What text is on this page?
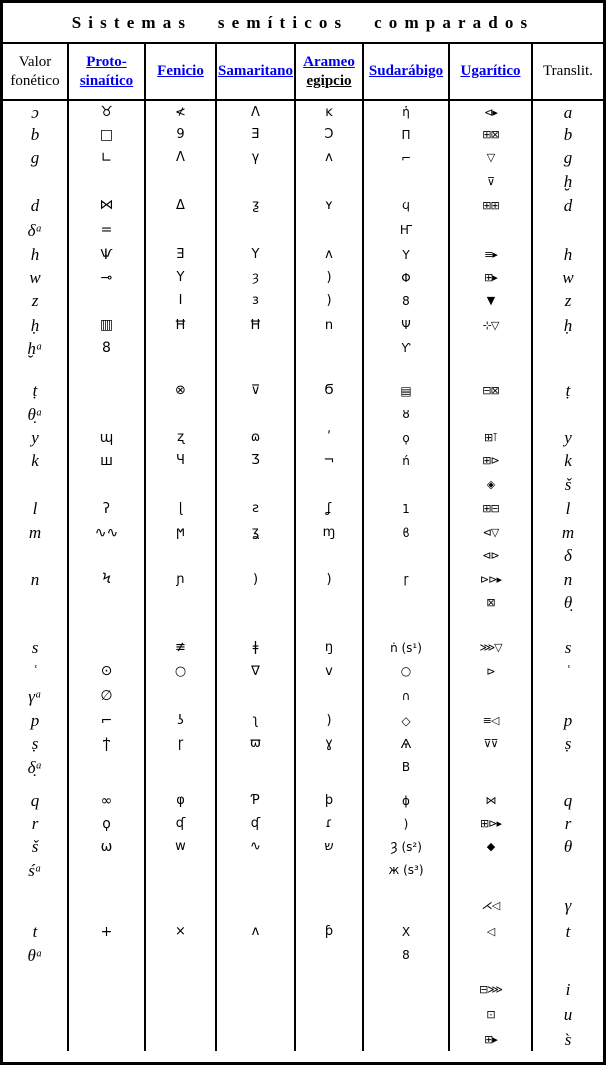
Sistemas semíticos comparados
Valor
fonético	Proto-
sinaítico	Fenicio	Samaritano	Arameo
egipcio	Sudarábigo	Ugarítico	Translit.

ɔ	♉	≮	Λ	ĸ	ἡ	⊲▸	a
b	□	9	Ǝ	Ɔ	Π	⊞⊠	b
g	∟	Λ	γ	ʌ	⌐	▽	g
						⊽	ḫ
d	⋈	Δ	ƺ	ʏ	ϥ	⊞⊞	d
δᵃ	=				Ҥ		
h	Ѱ	Ǝ	Υ	ʌ	Υ	≡▸	h
w	⊸	Y	ȝ	)	Φ	⊞▸	w
z		I	ɜ	)	8	▼	z
ḥ	▥	Ħ	Ħ	ո	Ψ	⊹▽	ḥ
ḫᵃ	8				Ƴ		

ṭ		⊗	⊽	Ϭ	▤	⊟⊠	ṭ
θ̣ᵃ					ȣ		
y	ɰ	ʐ	ɷ	ʹ	ϙ	⊞⊺	y
k	ш	Ч	Ӡ	¬	ń	⊞⊳	k
						◈	š
l	ʔ	ɭ	ƨ	ʆ	1	⊞⊟	l
m	∿∿	ϻ	ʓ	ɱ	ϐ	⊲▽	m
						⊲⊳	δ
n	Ϟ	ɲ	)	)	ɼ	⊳⊳▸	n
						⊠	θ̣

s		≢	ǂ	ŋ	ṅ (s¹)	⋙▽	s
ʿ	⊙	○	∇	v	○	⊳	ʿ
γᵃ	∅				∩		
p	⌐	ʖ	ʅ	)	◇	≡◁	p
ṣ	ϯ	ɼ	ϖ	ɣ	Ѧ	⊽⊽	ṣ
δ̣ᵃ					B		

q	∞	φ	Ƥ	þ	ϕ	⋈	q
r	ϙ	ʠ	ʠ	ɾ	)	⊞⊳▸	r
š	ω	w	∿	ש	Ȝ (s²)	◆	θ
śᵃ					ж (s³)		

						⋌◁	γ
t	+	×	ʌ	ƥ	X	◁	t
θᵃ					8		

						⊟⋙	i
						⊡	u
						⊞▸	s̀
